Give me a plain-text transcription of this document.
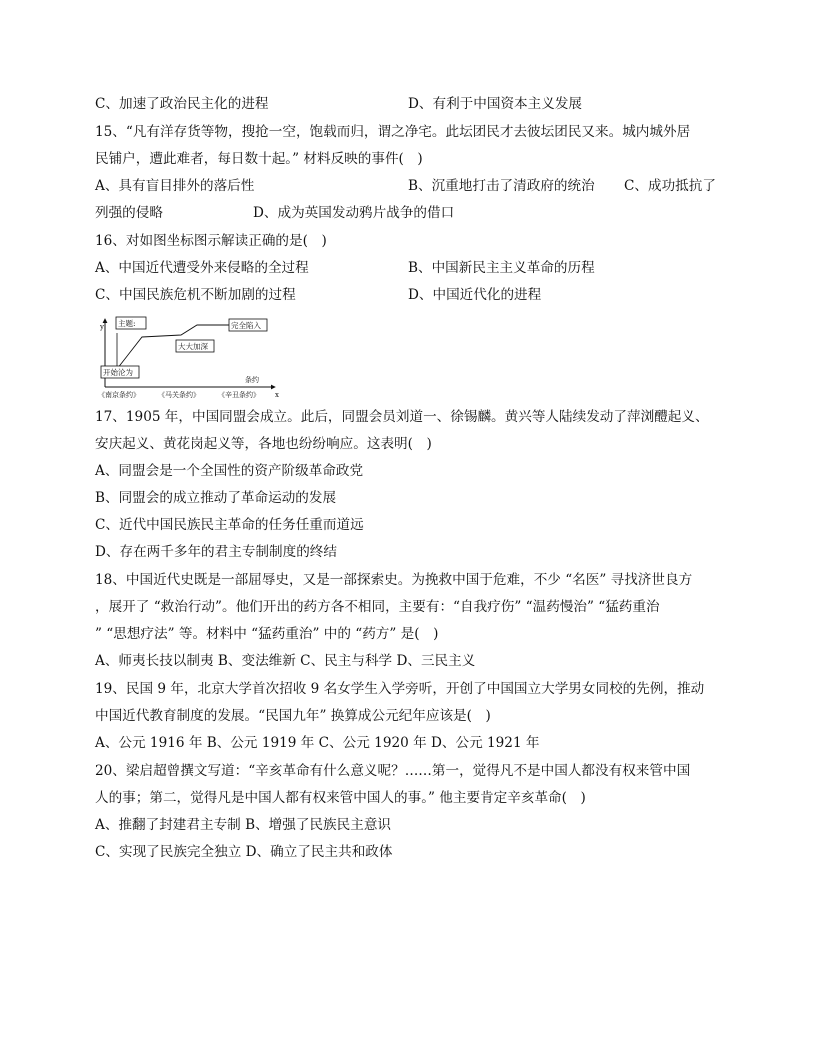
C、加速了政治民主化的进程	D、有利于中国资本主义发展
15、“凡有洋存货等物，搜抢一空，饱载而归，谓之净宅。此坛团民才去彼坛团民又来。城内城外居
民铺户，遭此难者，每日数十起。” 材料反映的事件(　)
A、具有盲目排外的落后性	B、沉重地打击了清政府的统治 C、成功抵抗了
列强的侵略	D、成为英国发动鸦片战争的借口
16、对如图坐标图示解读正确的是(　)
A、中国近代遭受外来侵略的全过程	B、中国新民主主义革命的历程
C、中国民族危机不断加剧的过程	D、中国近代化的进程
y
x
主题:
开始沦为
大大加深
完全陷入
条约
《南京条约》	《马关条约》	《辛丑条约》
17、1905 年，中国同盟会成立。此后，同盟会员刘道一、徐锡麟。黄兴等人陆续发动了萍浏醴起义、
安庆起义、黄花岗起义等，各地也纷纷响应。这表明(　)
A、同盟会是一个全国性的资产阶级革命政党
B、同盟会的成立推动了革命运动的发展
C、近代中国民族民主革命的任务任重而道远
D、存在两千多年的君主专制制度的终结
18、中国近代史既是一部屈辱史，又是一部探索史。为挽救中国于危难，不少 “名医” 寻找济世良方
，展开了 “救治行动”。他们开出的药方各不相同，主要有：“自我疗伤” “温药慢治” “猛药重治
” “思想疗法” 等。材料中 “猛药重治” 中的 “药方” 是(　)
A、师夷长技以制夷 B、变法维新 C、民主与科学 D、三民主义
19、民国 9 年，北京大学首次招收 9 名女学生入学旁听，开创了中国国立大学男女同校的先例，推动
中国近代教育制度的发展。“民国九年” 换算成公元纪年应该是(　)
A、公元 1916 年 B、公元 1919 年 C、公元 1920 年 D、公元 1921 年
20、梁启超曾撰文写道：“辛亥革命有什么意义呢？……第一，觉得凡不是中国人都没有权来管中国
人的事；第二，觉得凡是中国人都有权来管中国人的事。” 他主要肯定辛亥革命(　)
A、推翻了封建君主专制 B、增强了民族民主意识
C、实现了民族完全独立 D、确立了民主共和政体
